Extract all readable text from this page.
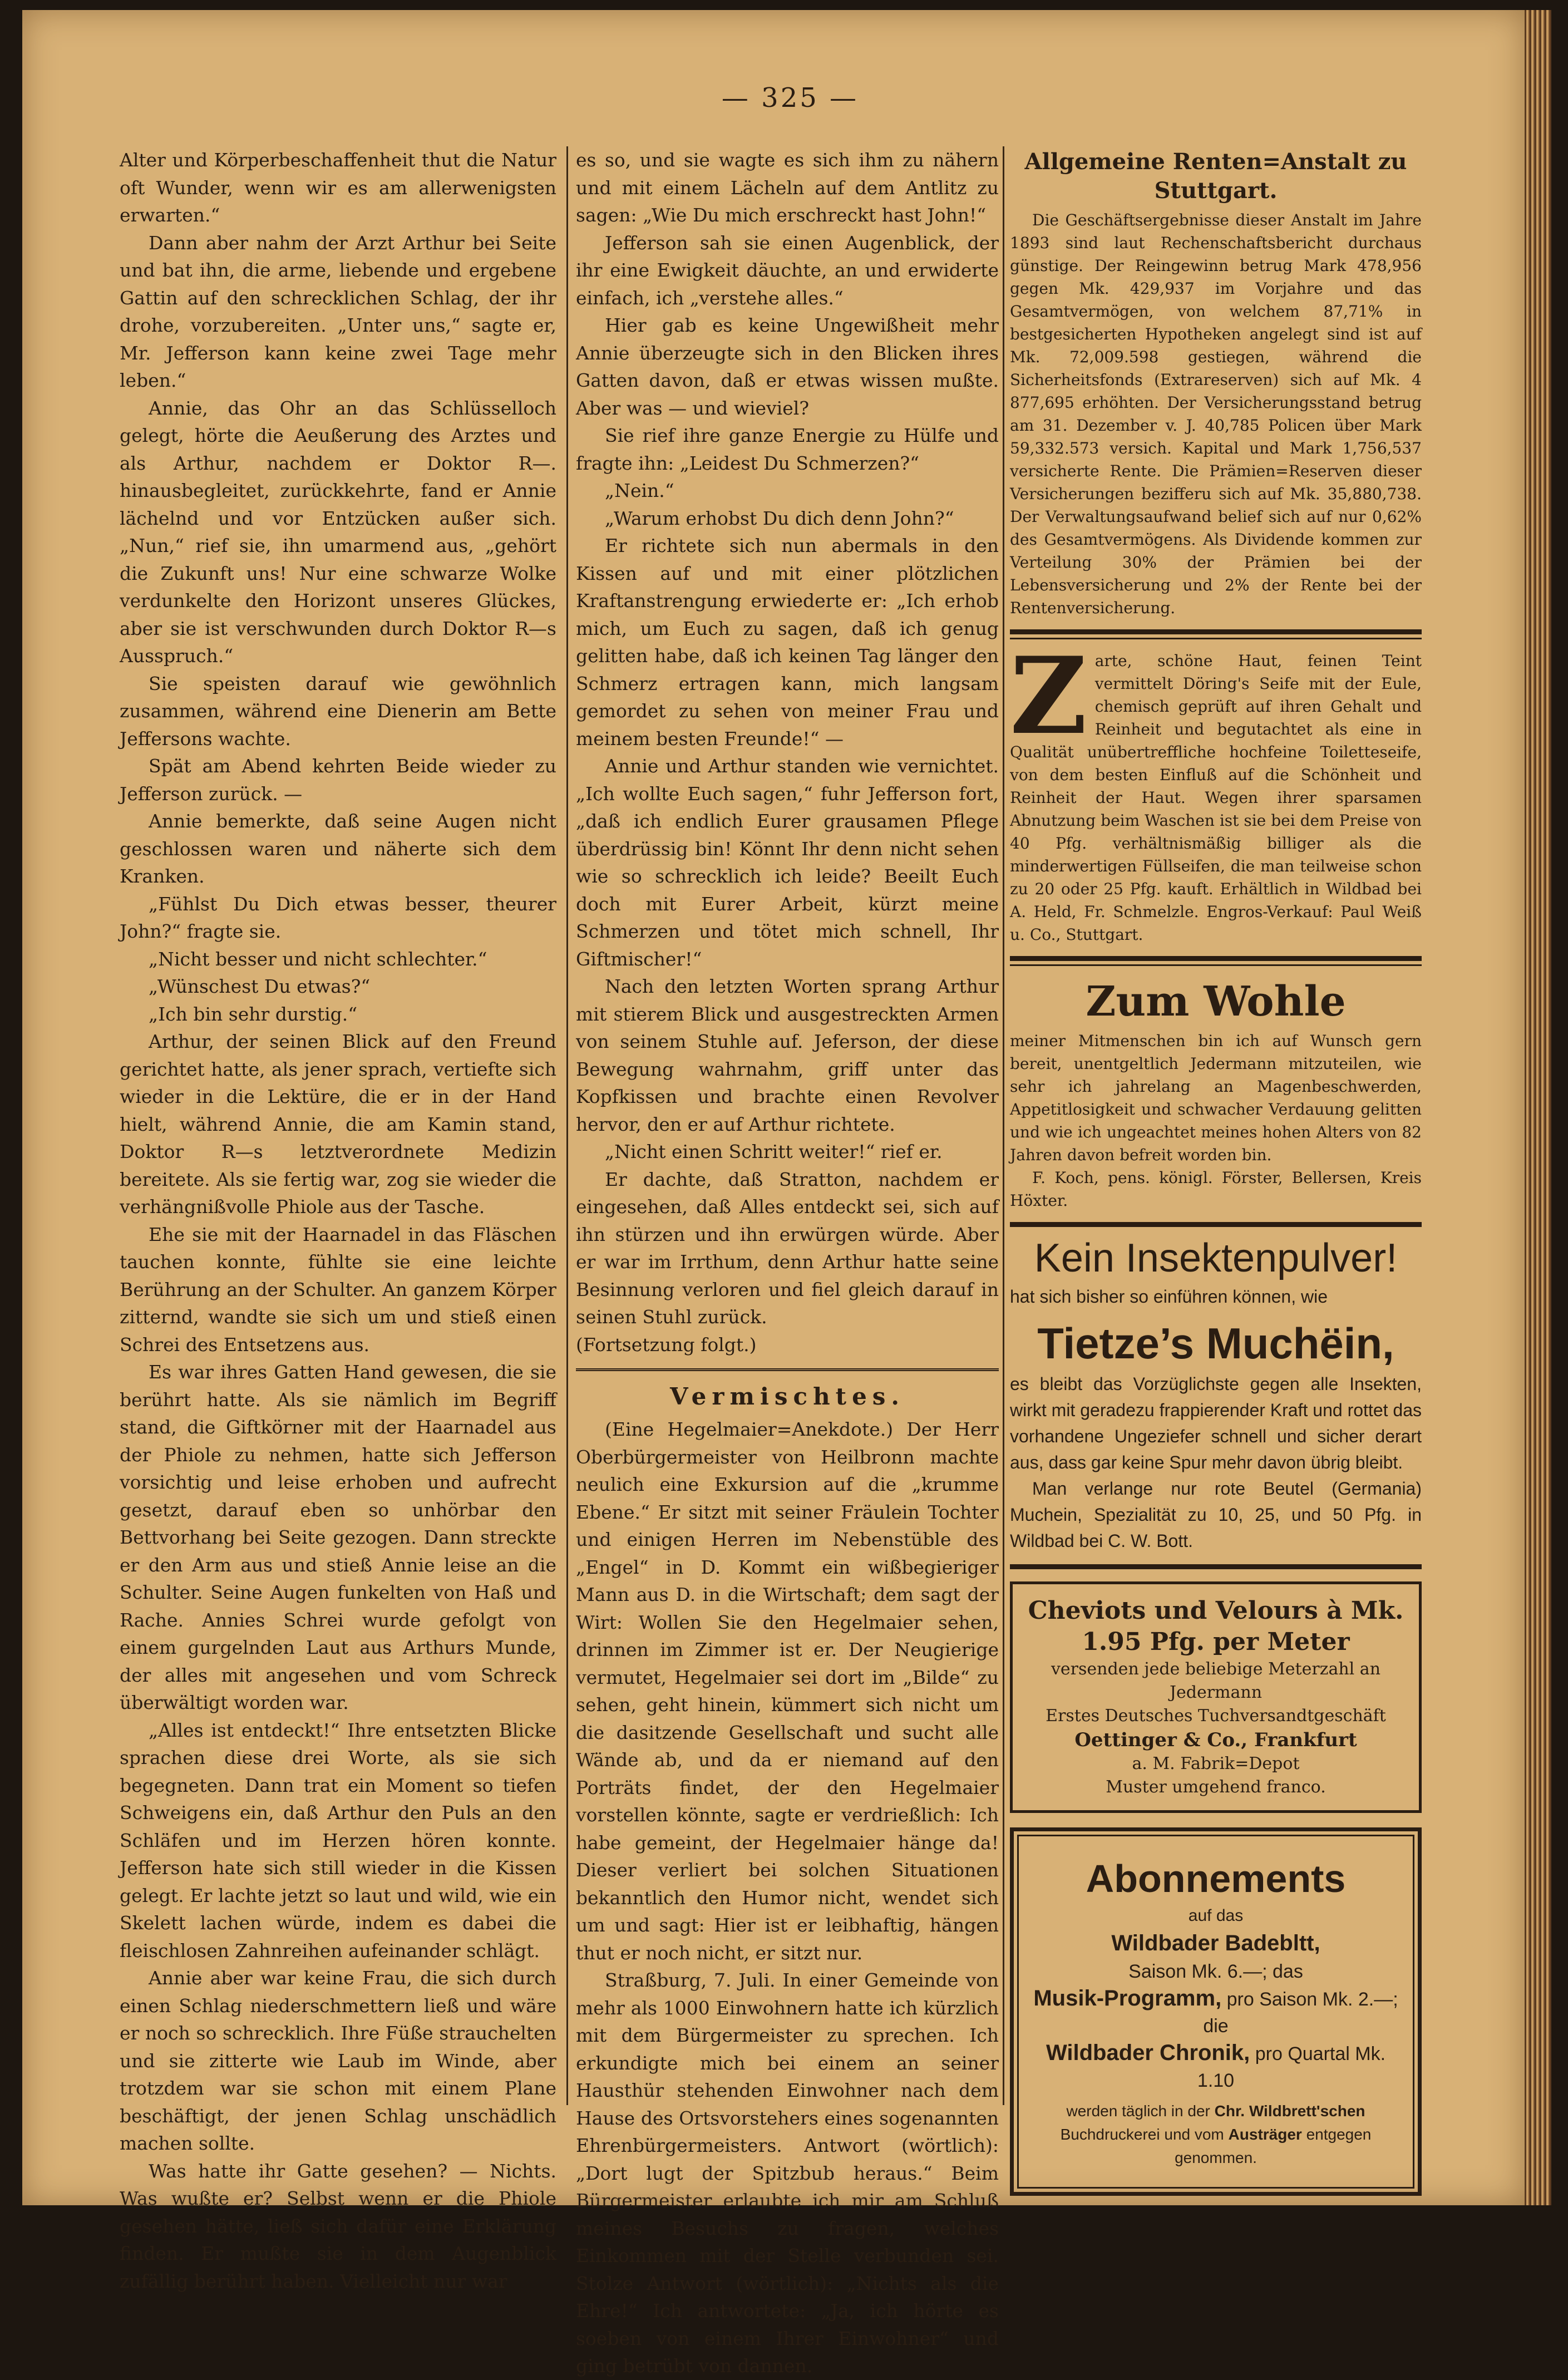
— 325 —

Alter und Körperbeschaffenheit thut die Natur oft Wunder, wenn wir es am allerwenigsten erwarten.“

Dann aber nahm der Arzt Arthur bei Seite und bat ihn, die arme, liebende und ergebene Gattin auf den schrecklichen Schlag, der ihr drohe, vorzubereiten. „Unter uns,“ sagte er, Mr. Jefferson kann keine zwei Tage mehr leben.“

Annie, das Ohr an das Schlüsselloch gelegt, hörte die Aeußerung des Arztes und als Arthur, nachdem er Doktor R—. hinausbegleitet, zurückkehrte, fand er Annie lächelnd und vor Entzücken außer sich. „Nun,“ rief sie, ihn umarmend aus, „gehört die Zukunft uns! Nur eine schwarze Wolke verdunkelte den Horizont unseres Glückes, aber sie ist verschwunden durch Doktor R—s Ausspruch.“

Sie speisten darauf wie gewöhnlich zusammen, während eine Dienerin am Bette Jeffersons wachte.

Spät am Abend kehrten Beide wieder zu Jefferson zurück. —

Annie bemerkte, daß seine Augen nicht geschlossen waren und näherte sich dem Kranken.

„Fühlst Du Dich etwas besser, theurer John?“ fragte sie.

„Nicht besser und nicht schlechter.“

„Wünschest Du etwas?“

„Ich bin sehr durstig.“

Arthur, der seinen Blick auf den Freund gerichtet hatte, als jener sprach, vertiefte sich wieder in die Lektüre, die er in der Hand hielt, während Annie, die am Kamin stand, Doktor R—s letztverordnete Medizin bereitete. Als sie fertig war, zog sie wieder die verhängnißvolle Phiole aus der Tasche.

Ehe sie mit der Haarnadel in das Fläschen tauchen konnte, fühlte sie eine leichte Berührung an der Schulter. An ganzem Körper zitternd, wandte sie sich um und stieß einen Schrei des Entsetzens aus.

Es war ihres Gatten Hand gewesen, die sie berührt hatte. Als sie nämlich im Begriff stand, die Giftkörner mit der Haarnadel aus der Phiole zu nehmen, hatte sich Jefferson vorsichtig und leise erhoben und aufrecht gesetzt, darauf eben so unhörbar den Bettvorhang bei Seite gezogen. Dann streckte er den Arm aus und stieß Annie leise an die Schulter. Seine Augen funkelten von Haß und Rache. Annies Schrei wurde gefolgt von einem gurgelnden Laut aus Arthurs Munde, der alles mit angesehen und vom Schreck überwältigt worden war.

„Alles ist entdeckt!“ Ihre entsetzten Blicke sprachen diese drei Worte, als sie sich begegneten. Dann trat ein Moment so tiefen Schweigens ein, daß Arthur den Puls an den Schläfen und im Herzen hören konnte. Jefferson hate sich still wieder in die Kissen gelegt. Er lachte jetzt so laut und wild, wie ein Skelett lachen würde, indem es dabei die fleischlosen Zahnreihen aufeinander schlägt.

Annie aber war keine Frau, die sich durch einen Schlag niederschmettern ließ und wäre er noch so schrecklich. Ihre Füße strauchelten und sie zitterte wie Laub im Winde, aber trotzdem war sie schon mit einem Plane beschäftigt, der jenen Schlag unschädlich machen sollte.

Was hatte ihr Gatte gesehen? — Nichts. Was wußte er? Selbst wenn er die Phiole gesehen hätte, ließ sich dafür eine Erklärung finden. Er mußte sie in dem Augenblick zufällig berührt haben. Vielleicht nur war

es so, und sie wagte es sich ihm zu nähern und mit einem Lächeln auf dem Antlitz zu sagen: „Wie Du mich erschreckt hast John!“

Jefferson sah sie einen Augenblick, der ihr eine Ewigkeit däuchte, an und erwiderte einfach, ich „verstehe alles.“

Hier gab es keine Ungewißheit mehr Annie überzeugte sich in den Blicken ihres Gatten davon, daß er etwas wissen mußte. Aber was — und wieviel?

Sie rief ihre ganze Energie zu Hülfe und fragte ihn: „Leidest Du Schmerzen?“

„Nein.“

„Warum erhobst Du dich denn John?“

Er richtete sich nun abermals in den Kissen auf und mit einer plötzlichen Kraftanstrengung erwiederte er: „Ich erhob mich, um Euch zu sagen, daß ich genug gelitten habe, daß ich keinen Tag länger den Schmerz ertragen kann, mich langsam gemordet zu sehen von meiner Frau und meinem besten Freunde!“ —

Annie und Arthur standen wie vernichtet. „Ich wollte Euch sagen,“ fuhr Jefferson fort, „daß ich endlich Eurer grausamen Pflege überdrüssig bin! Könnt Ihr denn nicht sehen wie so schrecklich ich leide? Beeilt Euch doch mit Eurer Arbeit, kürzt meine Schmerzen und tötet mich schnell, Ihr Giftmischer!“

Nach den letzten Worten sprang Arthur mit stierem Blick und ausgestreckten Armen von seinem Stuhle auf. Jeferson, der diese Bewegung wahrnahm, griff unter das Kopfkissen und brachte einen Revolver hervor, den er auf Arthur richtete.

„Nicht einen Schritt weiter!“ rief er.

Er dachte, daß Stratton, nachdem er eingesehen, daß Alles entdeckt sei, sich auf ihn stürzen und ihn erwürgen würde. Aber er war im Irrthum, denn Arthur hatte seine Besinnung verloren und fiel gleich darauf in seinen Stuhl zurück.

(Fortsetzung folgt.)

Vermischtes.

(Eine Hegelmaier=Anekdote.) Der Herr Oberbürgermeister von Heilbronn machte neulich eine Exkursion auf die „krumme Ebene.“ Er sitzt mit seiner Fräulein Tochter und einigen Herren im Nebenstüble des „Engel“ in D. Kommt ein wißbegieriger Mann aus D. in die Wirtschaft; dem sagt der Wirt: Wollen Sie den Hegelmaier sehen, drinnen im Zimmer ist er. Der Neugierige vermutet, Hegelmaier sei dort im „Bilde“ zu sehen, geht hinein, kümmert sich nicht um die dasitzende Gesellschaft und sucht alle Wände ab, und da er niemand auf den Porträts findet, der den Hegelmaier vorstellen könnte, sagte er verdrießlich: Ich habe gemeint, der Hegelmaier hänge da! Dieser verliert bei solchen Situationen bekanntlich den Humor nicht, wendet sich um und sagt: Hier ist er leibhaftig, hängen thut er noch nicht, er sitzt nur.

Straßburg, 7. Juli. In einer Gemeinde von mehr als 1000 Einwohnern hatte ich kürzlich mit dem Bürgermeister zu sprechen. Ich erkundigte mich bei einem an seiner Hausthür stehenden Einwohner nach dem Hause des Ortsvorstehers eines sogenannten Ehrenbürgermeisters. Antwort (wörtlich): „Dort lugt der Spitzbub heraus.“ Beim Bürgermeister erlaubte ich mir am Schluß meines Besuchs zu fragen, welches Einkommen mit der Stelle verbunden sei. Stolze Antwort (wörtlich): „Nichts als die Ehre!“ Ich antwortete: „Ja, ich hörte es soeben von einem Ihrer Einwohner“ und ging betrübt von dannen.

Allgemeine Renten=Anstalt zu Stuttgart.

Die Geschäftsergebnisse dieser Anstalt im Jahre 1893 sind laut Rechenschaftsbericht durchaus günstige. Der Reingewinn betrug Mark 478,956 gegen Mk. 429,937 im Vorjahre und das Gesamtvermögen, von welchem 87,71% in bestgesicherten Hypotheken angelegt sind ist auf Mk. 72,009.598 gestiegen, während die Sicherheitsfonds (Extrareserven) sich auf Mk. 4 877,695 erhöhten. Der Versicherungsstand betrug am 31. Dezember v. J. 40,785 Policen über Mark 59,332.573 versich. Kapital und Mark 1,756,537 versicherte Rente. Die Prämien=Reserven dieser Versicherungen bezifferu sich auf Mk. 35,880,738. Der Verwaltungsaufwand belief sich auf nur 0,62% des Gesamtvermögens. Als Dividende kommen zur Verteilung 30% der Prämien bei der Lebensversicherung und 2% der Rente bei der Rentenversicherung.

Z arte, schöne Haut, feinen Teint vermittelt Döring's Seife mit der Eule, chemisch geprüft auf ihren Gehalt und Reinheit und begutachtet als eine in Qualität unübertreffliche hochfeine Toiletteseife, von dem besten Einfluß auf die Schönheit und Reinheit der Haut. Wegen ihrer sparsamen Abnutzung beim Waschen ist sie bei dem Preise von 40 Pfg. verhältnismäßig billiger als die minderwertigen Füllseifen, die man teilweise schon zu 20 oder 25 Pfg. kauft. Erhältlich in Wildbad bei A. Held, Fr. Schmelzle. Engros-Verkauf: Paul Weiß u. Co., Stuttgart.
Zum Wohle

meiner Mitmenschen bin ich auf Wunsch gern bereit, unentgeltlich Jedermann mitzuteilen, wie sehr ich jahrelang an Magenbeschwerden, Appetitlosigkeit und schwacher Verdauung gelitten und wie ich ungeachtet meines hohen Alters von 82 Jahren davon befreit worden bin.

F. Koch, pens. königl. Förster, Bellersen, Kreis Höxter.

Kein Insektenpulver!

hat sich bisher so einführen können, wie

Tietze’s Muchëin,

es bleibt das Vorzüglichste gegen alle Insekten, wirkt mit geradezu frappierender Kraft und rottet das vorhandene Ungeziefer schnell und sicher derart aus, dass gar keine Spur mehr davon übrig bleibt.

Man verlange nur rote Beutel (Germania) Muchein, Spezialität zu 10, 25, und 50 Pfg. in Wildbad bei C. W. Bott.

Cheviots und Velours à Mk.
1.95 Pfg. per Meter
versenden jede beliebige Meterzahl an
Jedermann
Erstes Deutsches Tuchversandtgeschäft
Oettinger & Co., Frankfurt
a. M. Fabrik=Depot
Muster umgehend franco.
Abonnements
auf das
Wildbader Badebltt,
Saison Mk. 6.—; das
Musik-Programm, pro Saison Mk. 2.—; die
Wildbader Chronik, pro Quartal Mk. 1.10
werden täglich in der Chr. Wildbrett'schen Buchdruckerei und vom Austräger entgegen genommen.
